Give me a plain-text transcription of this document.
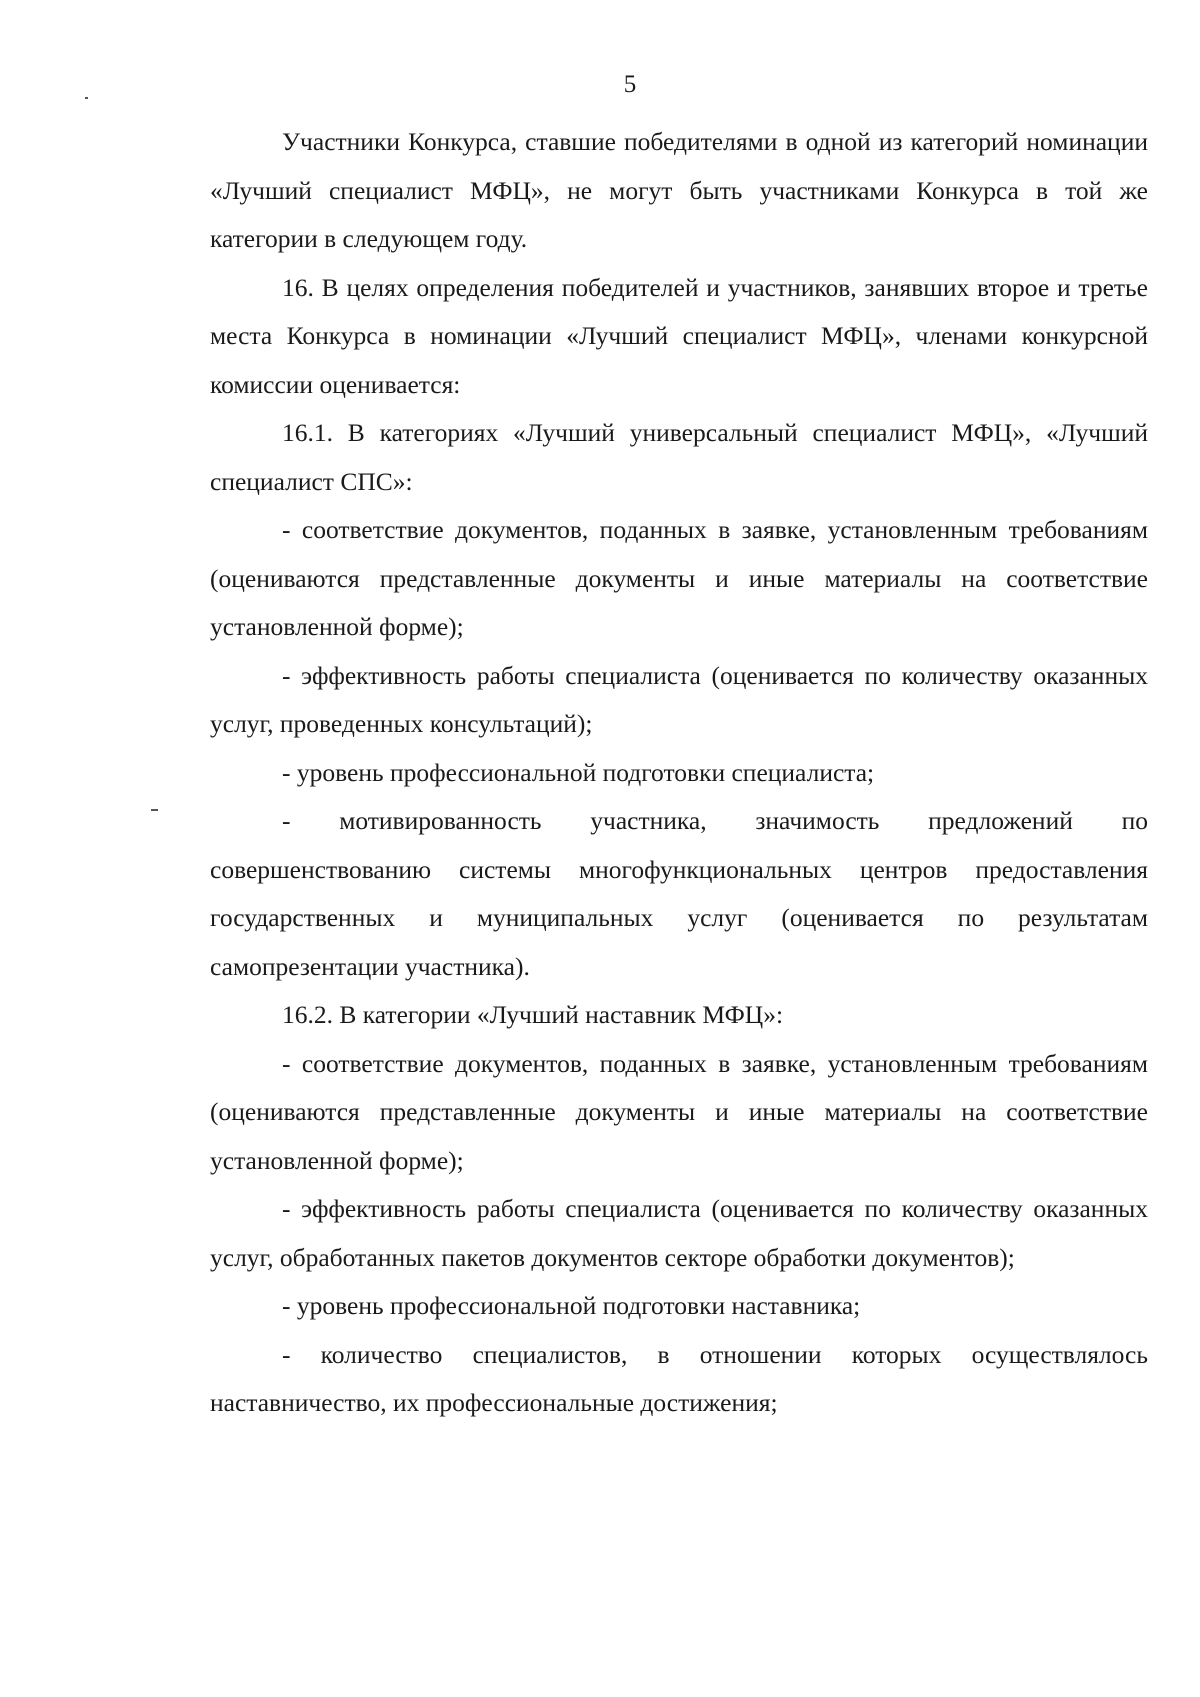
5

Участники Конкурса, ставшие победителями в одной из категорий номинации «Лучший специалист МФЦ», не могут быть участниками Конкурса в той же категории в следующем году.

16. В целях определения победителей и участников, занявших второе и третье места Конкурса в номинации «Лучший специалист МФЦ», членами конкурсной комиссии оценивается:

16.1. В категориях «Лучший универсальный специалист МФЦ», «Лучший специалист СПС»:

- соответствие документов, поданных в заявке, установленным требованиям (оцениваются представленные документы и иные материалы на соответствие установленной форме);

- эффективность работы специалиста (оценивается по количеству оказанных услуг, проведенных консультаций);

- уровень профессиональной подготовки специалиста;

- мотивированность участника, значимость предложений по совершенствованию системы многофункциональных центров предоставления государственных и муниципальных услуг (оценивается по результатам самопрезентации участника).

16.2. В категории «Лучший наставник МФЦ»:

- соответствие документов, поданных в заявке, установленным требованиям (оцениваются представленные документы и иные материалы на соответствие установленной форме);

- эффективность работы специалиста (оценивается по количеству оказанных услуг, обработанных пакетов документов секторе обработки документов);

- уровень профессиональной подготовки наставника;

- количество специалистов, в отношении которых осуществлялось наставничество, их профессиональные достижения;
